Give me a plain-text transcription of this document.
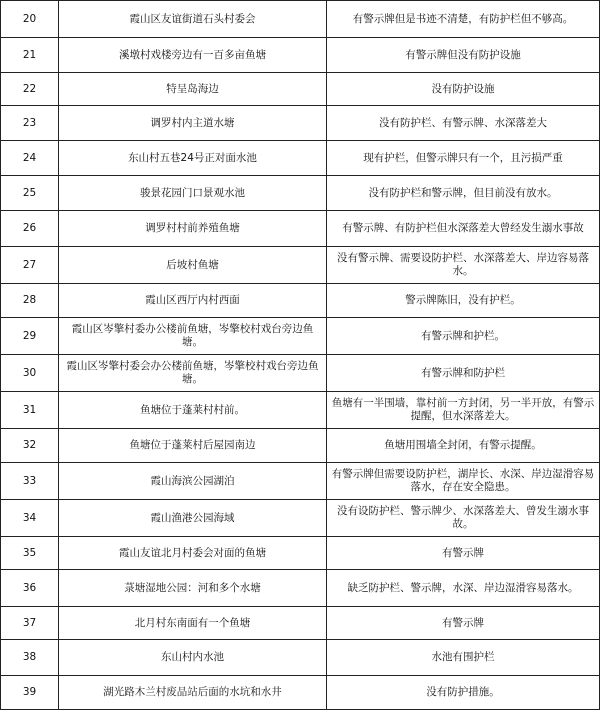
20	霞山区友谊街道石头村委会	有警示牌但是书迹不清楚，有防护栏但不够高。
21	溪墩村戏楼旁边有一百多亩鱼塘	有警示牌但没有防护设施
22	特呈岛海边	没有防护设施
23	调罗村内主道水塘	没有防护栏、有警示牌、水深落差大
24	东山村五巷24号正对面水池	现有护栏，但警示牌只有一个，且污损严重
25	骏景花园门口景观水池	没有防护栏和警示牌，但目前没有放水。
26	调罗村村前养殖鱼塘	有警示牌、有防护栏但水深落差大曾经发生溺水事故
27	后坡村鱼塘	没有警示牌、需要设防护栏、水深落差大、岸边容易落水。
28	霞山区西厅内村西面	警示牌陈旧，没有护栏。
29	霞山区岑擎村委办公楼前鱼塘，岑擎校村戏台旁边鱼塘。	有警示牌和护栏。
30	霞山区岑擎村委会办公楼前鱼塘，岑擎校村戏台旁边鱼塘。	有警示牌和防护栏
31	鱼塘位于蓬莱村村前。	鱼塘有一半围墙，靠村前一方封闭，另一半开放，有警示提醒，但水深落差大。
32	鱼塘位于蓬莱村后屋园南边	鱼塘用围墙全封闭，有警示提醒。
33	霞山海滨公园湖泊	有警示牌但需要设防护栏，湖岸长、水深、岸边湿滑容易落水，存在安全隐患。
34	霞山渔港公园海域	没有设防护栏、警示牌少、水深落差大、曾发生溺水事故。
35	霞山友谊北月村委会对面的鱼塘	有警示牌
36	菉塘湿地公园：河和多个水塘	缺乏防护栏、警示牌，水深、岸边湿滑容易落水。
37	北月村东南面有一个鱼塘	有警示牌
38	东山村内水池	水池有围护栏
39	湖光路木兰村废品站后面的水坑和水井	没有防护措施。
